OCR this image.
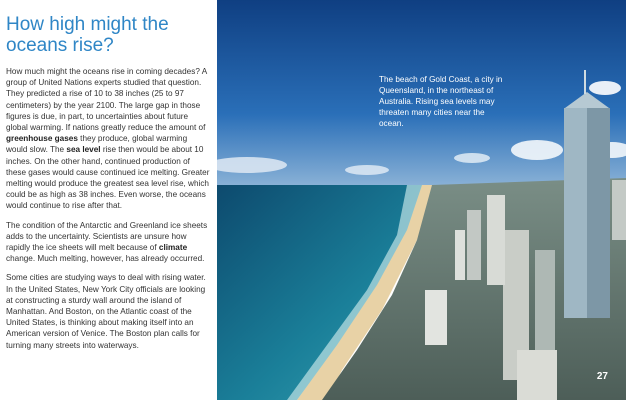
How high might the
oceans rise?

How much might the oceans rise in coming decades? A group of United Nations experts studied that question. They predicted a rise of 10 to 38 inches (25 to 97 centimeters) by the year 2100. The large gap in those figures is due, in part, to uncertainties about future global warming. If nations greatly reduce the amount of greenhouse gases they produce, global warming would slow. The sea level rise then would be about 10 inches. On the other hand, continued production of these gases would cause continued ice melting. Greater melting would produce the greatest sea level rise, which could be as high as 38 inches. Even worse, the oceans would continue to rise after that.

The condition of the Antarctic and Greenland ice sheets adds to the uncertainty. Scientists are unsure how rapidly the ice sheets will melt because of climate change. Much melting, however, has already occurred.

Some cities are studying ways to deal with rising water. In the United States, New York City officials are looking at constructing a sturdy wall around the island of Manhattan. And Boston, on the Atlantic coast of the United States, is thinking about making itself into an American version of Venice. The Boston plan calls for turning many streets into waterways.

The beach of Gold Coast, a city in Queensland, in the northeast of Australia. Rising sea levels may threaten many cities near the ocean.
27
